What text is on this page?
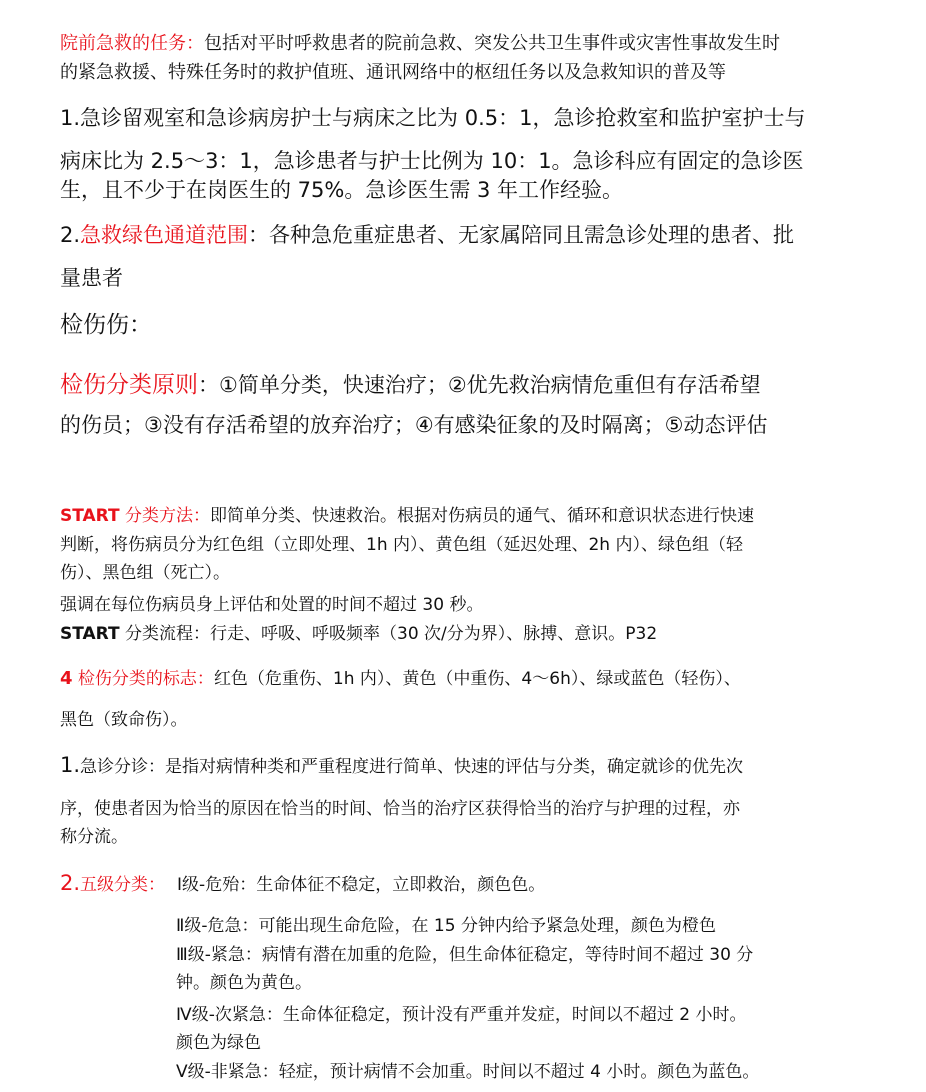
院前急救的任务：包括对平时呼救患者的院前急救、突发公共卫生事件或灾害性事故发生时
的紧急救援、特殊任务时的救护值班、通讯网络中的枢纽任务以及急救知识的普及等
1.急诊留观室和急诊病房护士与病床之比为 0.5：1，急诊抢救室和监护室护士与
病床比为 2.5～3：1，急诊患者与护士比例为 10：1。急诊科应有固定的急诊医
生，且不少于在岗医生的 75%。急诊医生需 3 年工作经验。
2.急救绿色通道范围：各种急危重症患者、无家属陪同且需急诊处理的患者、批
量患者
检伤伤：
检伤分类原则：①简单分类，快速治疗；②优先救治病情危重但有存活希望
的伤员；③没有存活希望的放弃治疗；④有感染征象的及时隔离；⑤动态评估
START 分类方法：即简单分类、快速救治。根据对伤病员的通气、循环和意识状态进行快速
判断，将伤病员分为红色组（立即处理、1h 内）、黄色组（延迟处理、2h 内）、绿色组（轻
伤）、黑色组（死亡）。
强调在每位伤病员身上评估和处置的时间不超过 30 秒。
START 分类流程：行走、呼吸、呼吸频率（30 次/分为界）、脉搏、意识。P32
4 检伤分类的标志：红色（危重伤、1h 内）、黄色（中重伤、4～6h）、绿或蓝色（轻伤）、
黑色（致命伤）。
1.急诊分诊：是指对病情种类和严重程度进行简单、快速的评估与分类，确定就诊的优先次
序，使患者因为恰当的原因在恰当的时间、恰当的治疗区获得恰当的治疗与护理的过程，亦
称分流。
2.五级分类： Ⅰ级-危殆：生命体征不稳定，立即救治，颜色色。
Ⅱ级-危急：可能出现生命危险，在 15 分钟内给予紧急处理，颜色为橙色
Ⅲ级-紧急：病情有潜在加重的危险，但生命体征稳定，等待时间不超过 30 分
钟。颜色为黄色。
Ⅳ级-次紧急：生命体征稳定，预计没有严重并发症，时间以不超过 2 小时。
颜色为绿色
Ⅴ级-非紧急：轻症，预计病情不会加重。时间以不超过 4 小时。颜色为蓝色。
